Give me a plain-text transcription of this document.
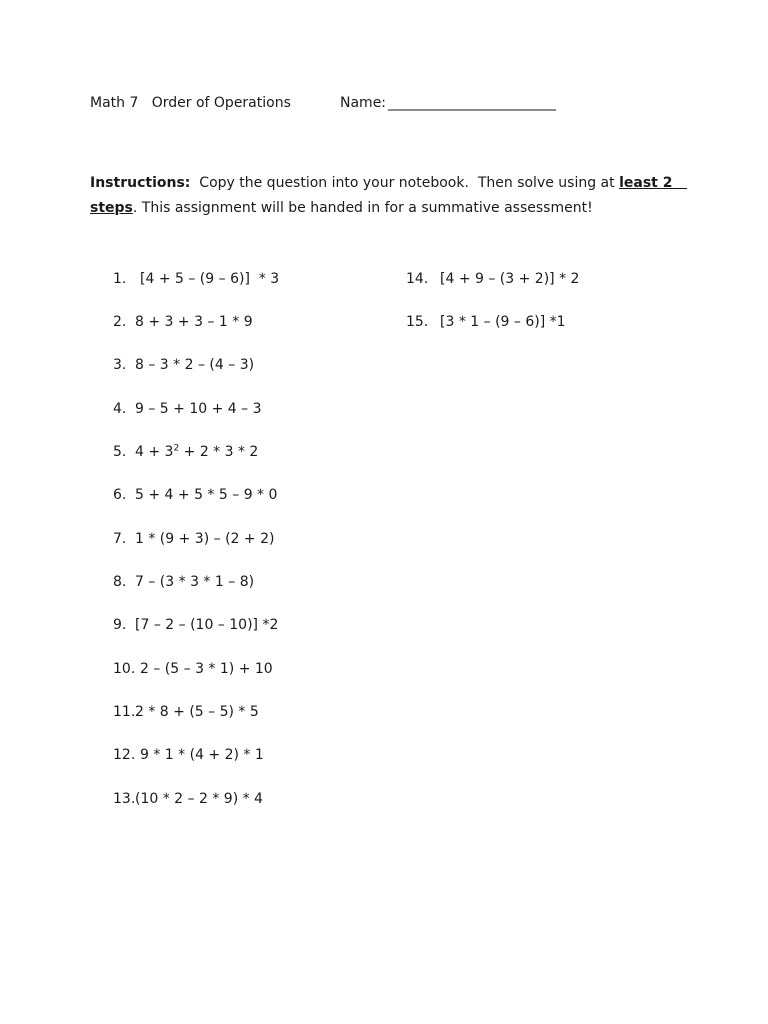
Math 7   Order of Operations	Name: ________________________
Instructions:  Copy the question into your notebook.  Then solve using at least 2   steps. This assignment will be handed in for a summative assessment!
1. [4 + 5 – (9 – 6)]  * 3
2. 8 + 3 + 3 – 1 * 9
3. 8 – 3 * 2 – (4 – 3)
4. 9 – 5 + 10 + 4 – 3
5. $4 + 3^2 + 2 * 3 * 2$
6. 5 + 4 + 5 * 5 – 9 * 0
7. 1 * (9 + 3) – (2 + 2)
8. 7 – (3 * 3 * 1 – 8)
9. [7 – 2 – (10 – 10)] *2
10. 2 – (5 – 3 * 1) + 10
11.2 * 8 + (5 – 5) * 5
12. 9 * 1 * (4 + 2) * 1
13.(10 * 2 – 2 * 9) * 4
14. [4 + 9 – (3 + 2)] * 2
15. [3 * 1 – (9 – 6)] *1
